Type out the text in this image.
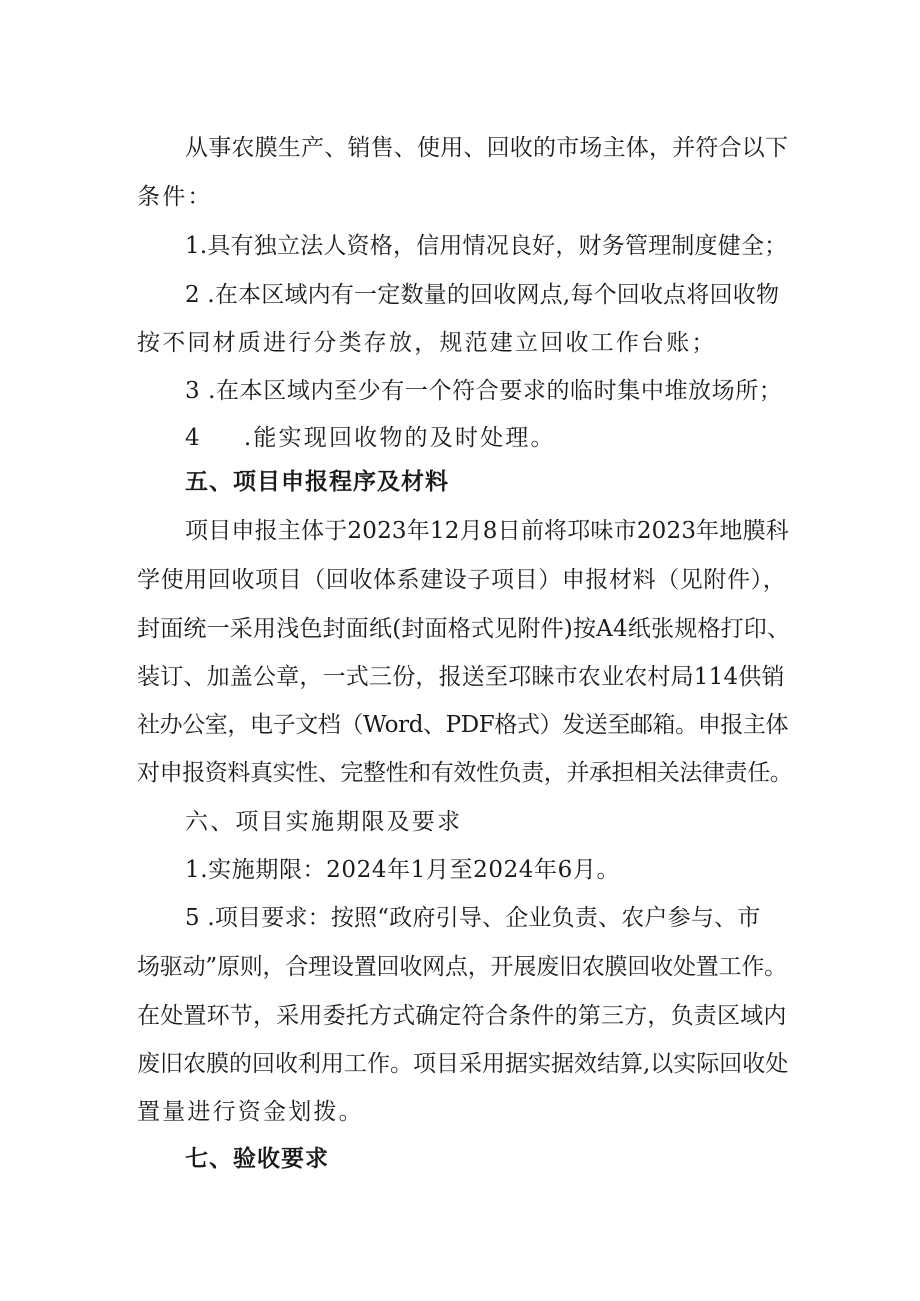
从事农膜生产、销售、使用、回收的市场主体，并符合以下
条件：
1.具有独立法人资格，信用情况良好，财务管理制度健全；
2 .在本区域内有一定数量的回收网点,每个回收点将回收物
按不同材质进行分类存放，规范建立回收工作台账；
3 .在本区域内至少有一个符合要求的临时集中堆放场所；
4 .能实现回收物的及时处理。
五、项目申报程序及材料
项目申报主体于2023年12月8日前将邛味市2023年地膜科
学使用回收项目（回收体系建设子项目）申报材料（见附件），
封面统一采用浅色封面纸(封面格式见附件)按A4纸张规格打印、
装订、加盖公章，一式三份，报送至邛睐市农业农村局114供销
社办公室，电子文档（Word、PDF格式）发送至邮箱。申报主体
对申报资料真实性、完整性和有效性负责，并承担相关法律责任。
六、项目实施期限及要求
1.实施期限：2024年1月至2024年6月。
5 .项目要求：按照“政府引导、企业负责、农户参与、市
场驱动”原则，合理设置回收网点，开展废旧农膜回收处置工作。
在处置环节，采用委托方式确定符合条件的第三方，负责区域内
废旧农膜的回收利用工作。项目采用据实据效结算,以实际回收处
置量进行资金划拨。
七、验收要求
